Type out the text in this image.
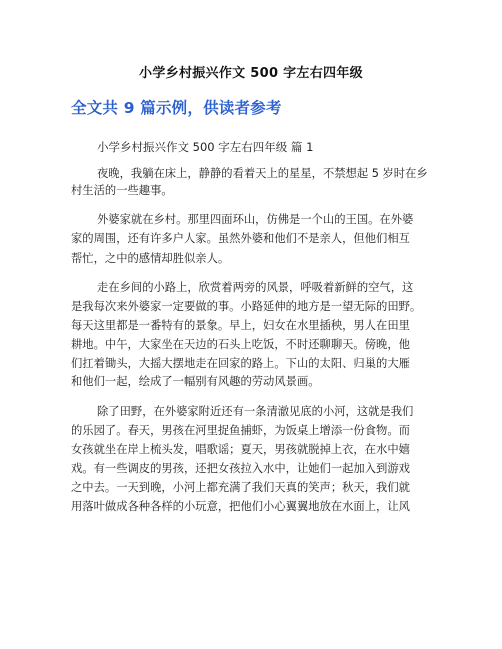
小学乡村振兴作文 500 字左右四年级
全文共 9 篇示例，供读者参考
小学乡村振兴作文 500 字左右四年级 篇 1
夜晚，我躺在床上，静静的看着天上的星星，不禁想起 5 岁时在乡
村生活的一些趣事。
外婆家就在乡村。那里四面环山，仿佛是一个山的王国。在外婆
家的周围，还有许多户人家。虽然外婆和他们不是亲人，但他们相互
帮忙，之中的感情却胜似亲人。
走在乡间的小路上，欣赏着两旁的风景，呼吸着新鲜的空气，这
是我每次来外婆家一定要做的事。小路延伸的地方是一望无际的田野。
每天这里都是一番特有的景象。早上，妇女在水里插秧，男人在田里
耕地。中午，大家坐在天边的石头上吃饭，不时还聊聊天。傍晚，他
们扛着锄头，大摇大摆地走在回家的路上。下山的太阳、归巢的大雁
和他们一起，绘成了一幅别有风趣的劳动风景画。
除了田野，在外婆家附近还有一条清澈见底的小河，这就是我们
的乐园了。春天，男孩在河里捉鱼捕虾，为饭桌上增添一份食物。而
女孩就坐在岸上梳头发，唱歌谣；夏天，男孩就脱掉上衣，在水中嬉
戏。有一些调皮的男孩，还把女孩拉入水中，让她们一起加入到游戏
之中去。一天到晚，小河上都充满了我们天真的笑声；秋天，我们就
用落叶做成各种各样的小玩意，把他们小心翼翼地放在水面上，让风
